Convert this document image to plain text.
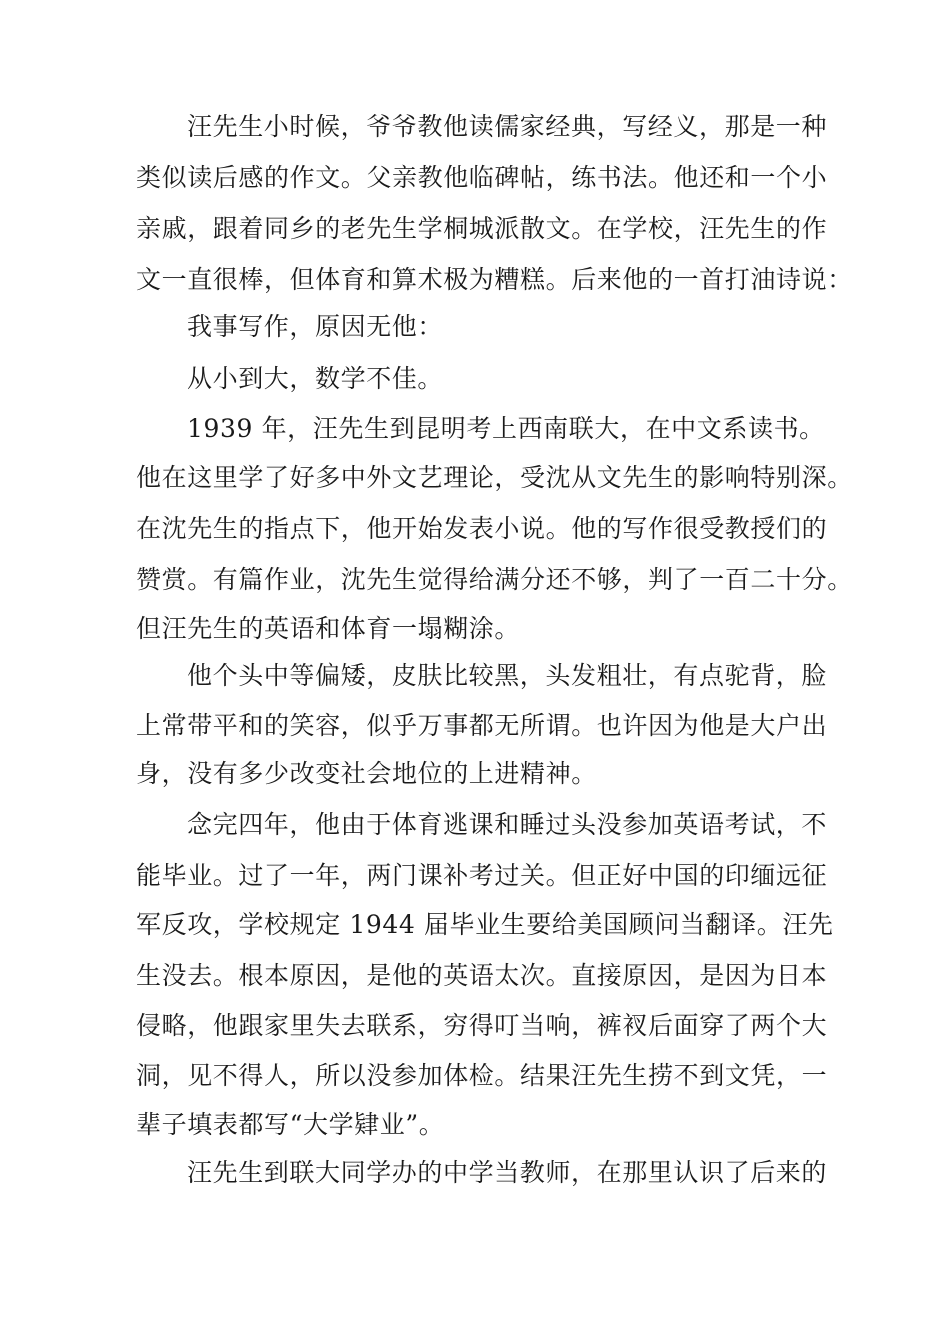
汪先生小时候，爷爷教他读儒家经典，写经义，那是一种
类似读后感的作文。父亲教他临碑帖，练书法。他还和一个小
亲戚，跟着同乡的老先生学桐城派散文。在学校，汪先生的作
文一直很棒，但体育和算术极为糟糕。后来他的一首打油诗说：
我事写作，原因无他：
从小到大，数学不佳。
1939 年，汪先生到昆明考上西南联大，在中文系读书。
他在这里学了好多中外文艺理论，受沈从文先生的影响特别深。
在沈先生的指点下，他开始发表小说。他的写作很受教授们的
赞赏。有篇作业，沈先生觉得给满分还不够，判了一百二十分。
但汪先生的英语和体育一塌糊涂。
他个头中等偏矮，皮肤比较黑，头发粗壮，有点驼背，脸
上常带平和的笑容，似乎万事都无所谓。也许因为他是大户出
身，没有多少改变社会地位的上进精神。
念完四年，他由于体育逃课和睡过头没参加英语考试，不
能毕业。过了一年，两门课补考过关。但正好中国的印缅远征
军反攻，学校规定 1944 届毕业生要给美国顾问当翻译。汪先
生没去。根本原因，是他的英语太次。直接原因，是因为日本
侵略，他跟家里失去联系，穷得叮当响，裤衩后面穿了两个大
洞，见不得人，所以没参加体检。结果汪先生捞不到文凭，一
辈子填表都写“大学肄业”。
汪先生到联大同学办的中学当教师，在那里认识了后来的
